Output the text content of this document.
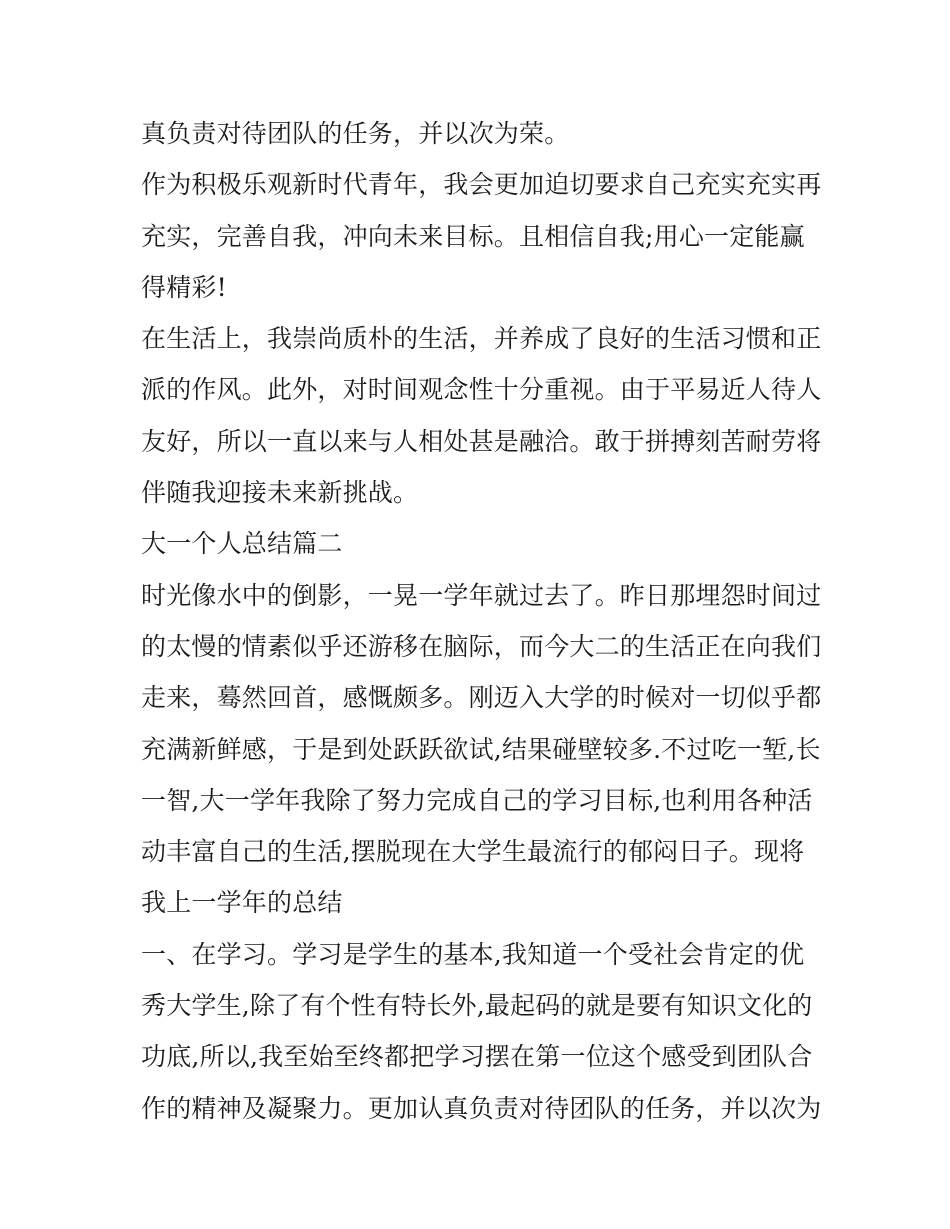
真负责对待团队的任务，并以次为荣。
作为积极乐观新时代青年，我会更加迫切要求自己充实充实再
充实，完善自我，冲向未来目标。且相信自我;用心一定能赢
得精彩!
在生活上，我崇尚质朴的生活，并养成了良好的生活习惯和正
派的作风。此外，对时间观念性十分重视。由于平易近人待人
友好，所以一直以来与人相处甚是融洽。敢于拼搏刻苦耐劳将
伴随我迎接未来新挑战。
大一个人总结篇二
时光像水中的倒影，一晃一学年就过去了。昨日那埋怨时间过
的太慢的情素似乎还游移在脑际，而今大二的生活正在向我们
走来，蓦然回首，感慨颇多。刚迈入大学的时候对一切似乎都
充满新鲜感，于是到处跃跃欲试,结果碰壁较多.不过吃一堑,长
一智,大一学年我除了努力完成自己的学习目标,也利用各种活
动丰富自己的生活,摆脱现在大学生最流行的郁闷日子。现将
我上一学年的总结
一、在学习。学习是学生的基本,我知道一个受社会肯定的优
秀大学生,除了有个性有特长外,最起码的就是要有知识文化的
功底,所以,我至始至终都把学习摆在第一位这个感受到团队合
作的精神及凝聚力。更加认真负责对待团队的任务，并以次为
